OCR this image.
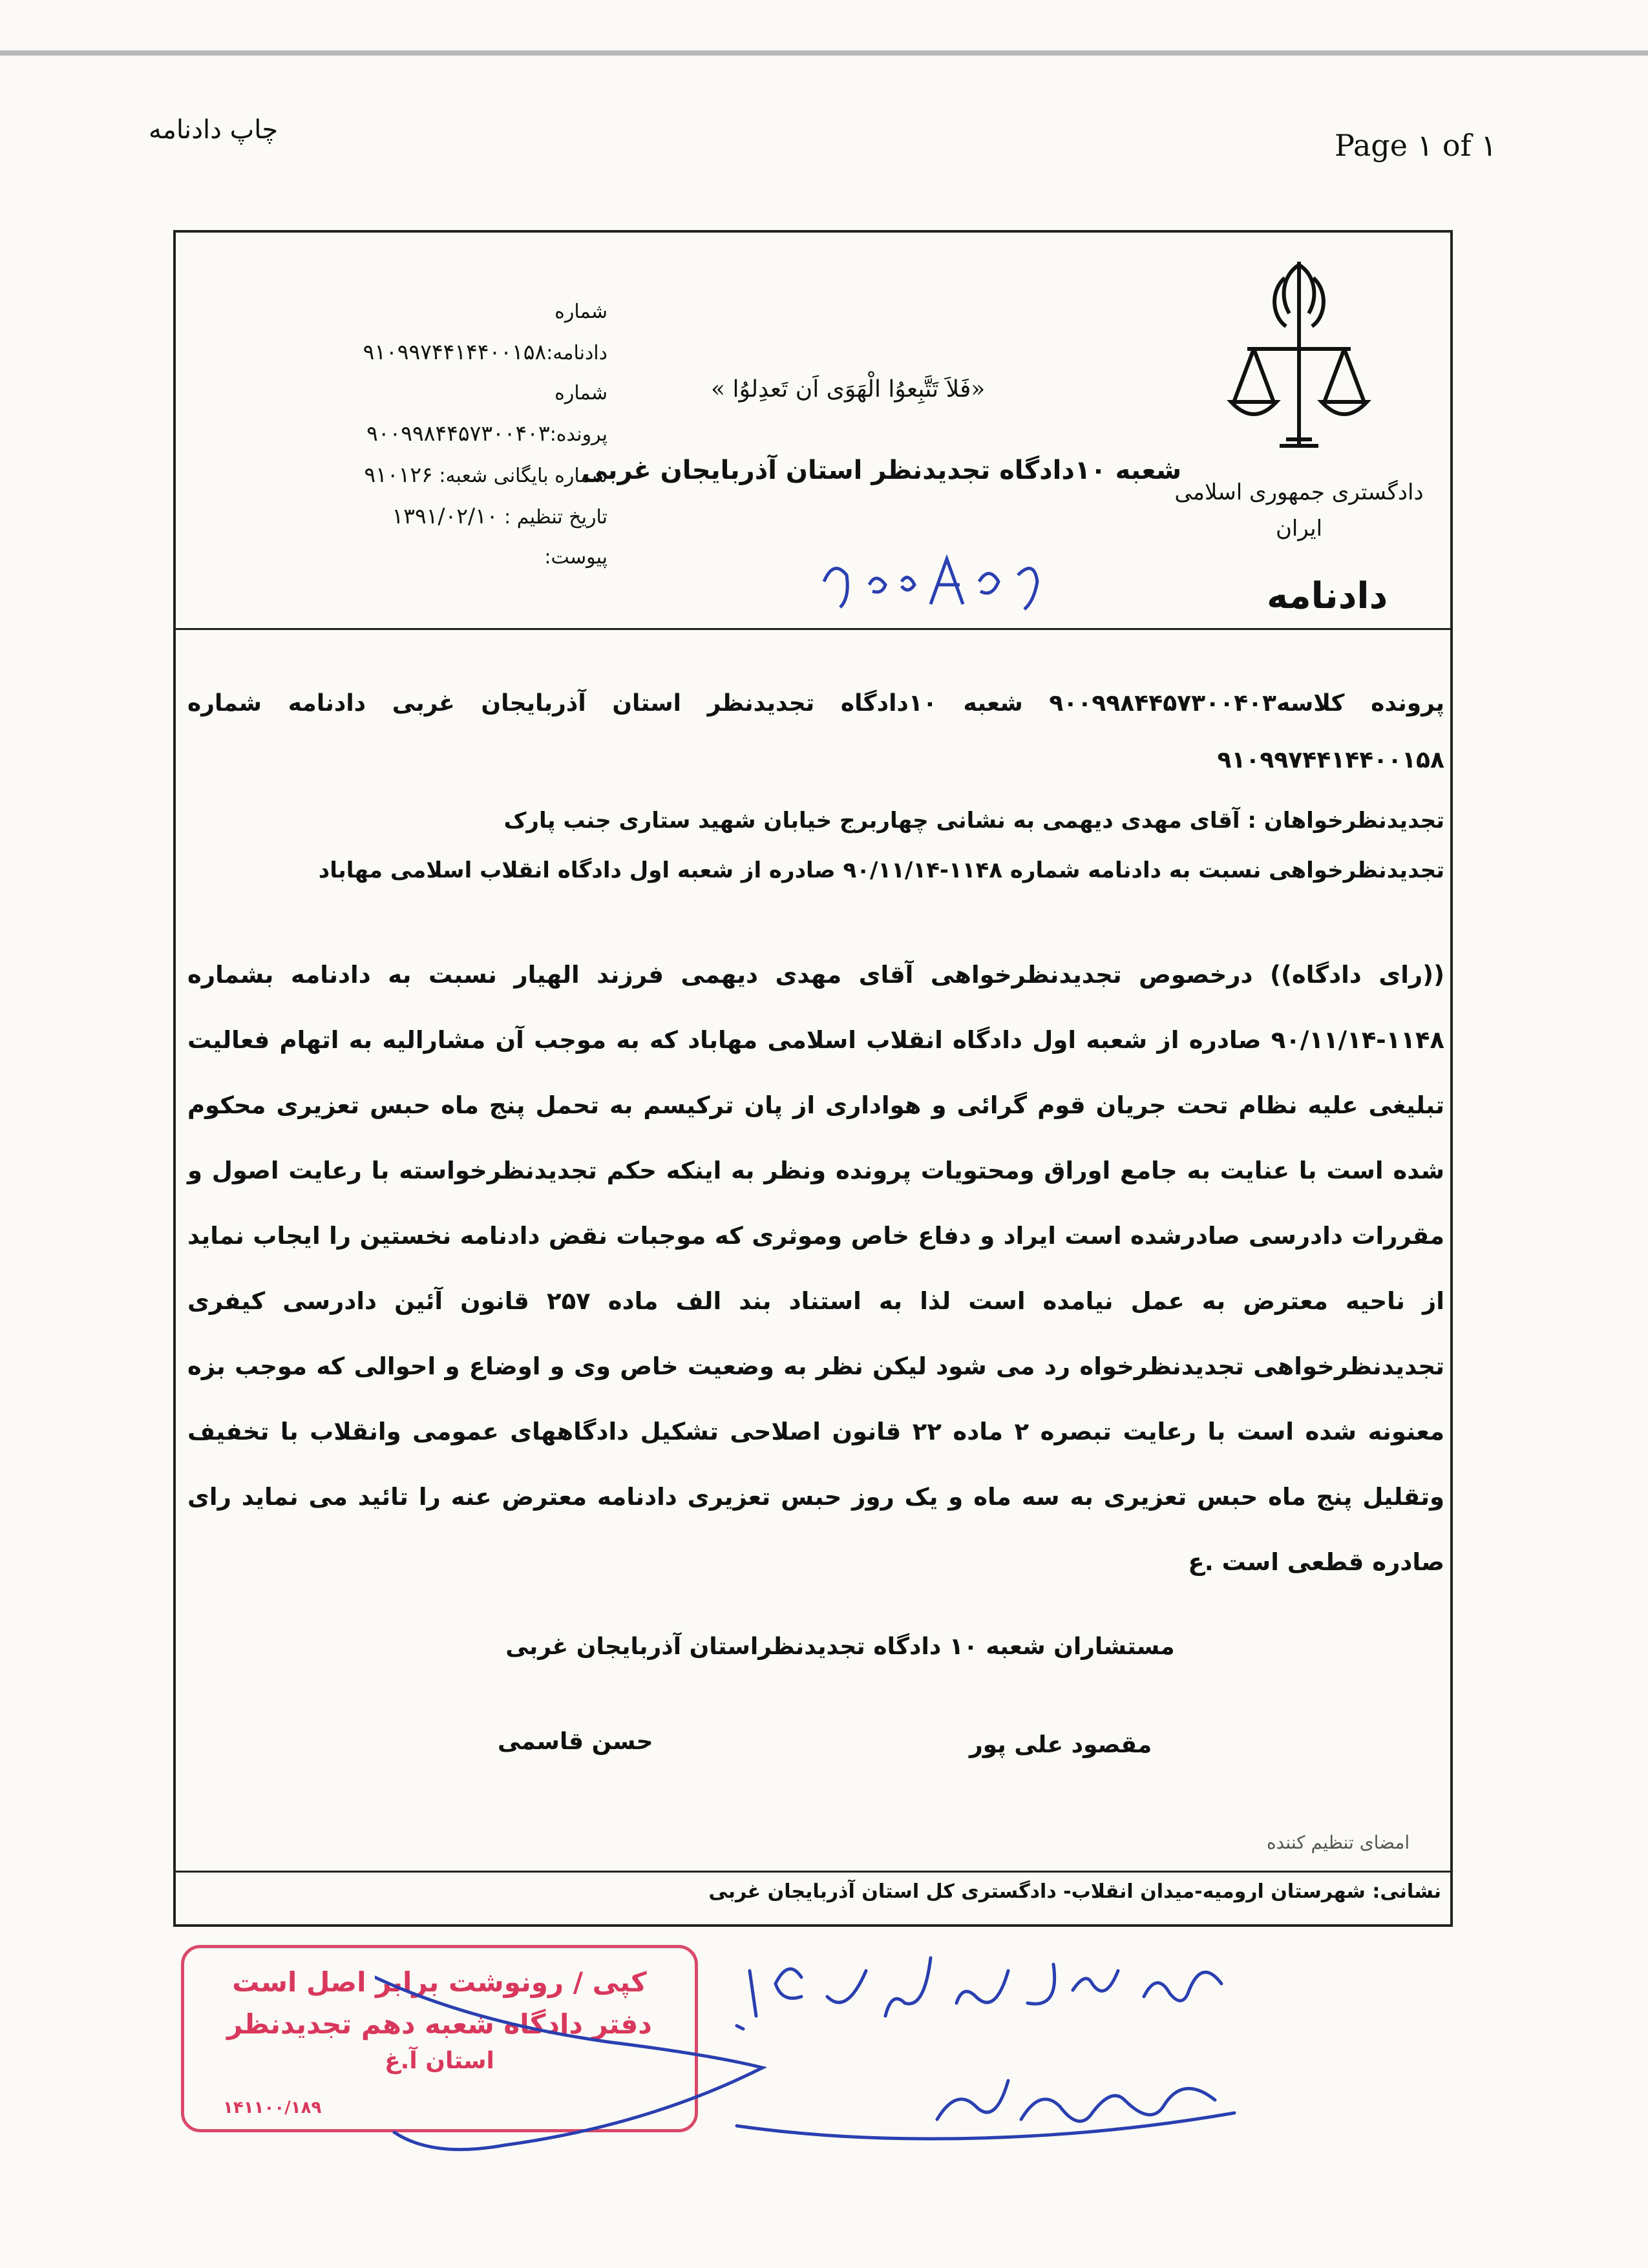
چاپ دادنامه	Page ۱ of ۱
دادگستری جمهوری اسلامی
ایران
دادنامه
«فَلاَ تَتَّبِعوُا الْهَوَی اَن تَعدِلوُا »
شعبه ۱۰دادگاه تجدیدنظر استان آذربایجان غربی
شماره
دادنامه:۹۱۰۹۹۷۴۴۱۴۴۰۰۱۵۸
شماره
پرونده:۹۰۰۹۹۸۴۴۵۷۳۰۰۴۰۳
شماره بایگانی شعبه: ۹۱۰۱۲۶
تاریخ تنظیم : ۱۳۹۱/۰۲/۱۰
پیوست:
پرونده کلاسه۹۰۰۹۹۸۴۴۵۷۳۰۰۴۰۳ شعبه ۱۰دادگاه تجدیدنظر استان آذربایجان غربی دادنامه شماره ۹۱۰۹۹۷۴۴۱۴۴۰۰۱۵۸
تجدیدنظرخواهان : آقای مهدی دیهمی به نشانی چهاربرج خیابان شهید ستاری جنب پارک
تجدیدنظرخواهی نسبت به دادنامه شماره ۱۱۴۸-۹۰/۱۱/۱۴ صادره از شعبه اول دادگاه انقلاب اسلامی مهاباد
((رای دادگاه)) درخصوص تجدیدنظرخواهی آقای مهدی دیهمی فرزند الهیار نسبت به دادنامه بشماره ۱۱۴۸-۹۰/۱۱/۱۴ صادره از شعبه اول دادگاه انقلاب اسلامی مهاباد که به موجب آن مشارالیه به اتهام فعالیت تبلیغی علیه نظام تحت جریان قوم گرائی و هواداری از پان ترکیسم به تحمل پنج ماه حبس تعزیری محکوم شده است با عنایت به جامع اوراق ومحتویات پرونده ونظر به اینکه حکم تجدیدنظرخواسته با رعایت اصول و مقررات دادرسی صادرشده است ایراد و دفاع خاص وموثری که موجبات نقض دادنامه نخستین را ایجاب نماید از ناحیه معترض به عمل نیامده است لذا به استناد بند الف ماده ۲۵۷ قانون آئین دادرسی کیفری تجدیدنظرخواهی تجدیدنظرخواه رد می شود لیکن نظر به وضعیت خاص وی و اوضاع و احوالی که موجب بزه معنونه شده است با رعایت تبصره ۲ ماده ۲۲ قانون اصلاحی تشکیل دادگاههای عمومی وانقلاب با تخفیف وتقلیل پنج ماه حبس تعزیری به سه ماه و یک روز حبس تعزیری دادنامه معترض عنه را تائید می نماید رای صادره قطعی است .ع
مستشاران شعبه ۱۰ دادگاه تجدیدنظراستان آذربایجان غربی
مقصود علی پور
حسن قاسمی
امضای تنظیم کننده
نشانی: شهرستان ارومیه-میدان انقلاب- دادگستری کل استان آذربایجان غربی
کپی / رونوشت برابر اصل است
دفتر دادگاه شعبه دهم تجدیدنظر
استان آ.غ
۱۴۱۱۰۰/۱۸۹
